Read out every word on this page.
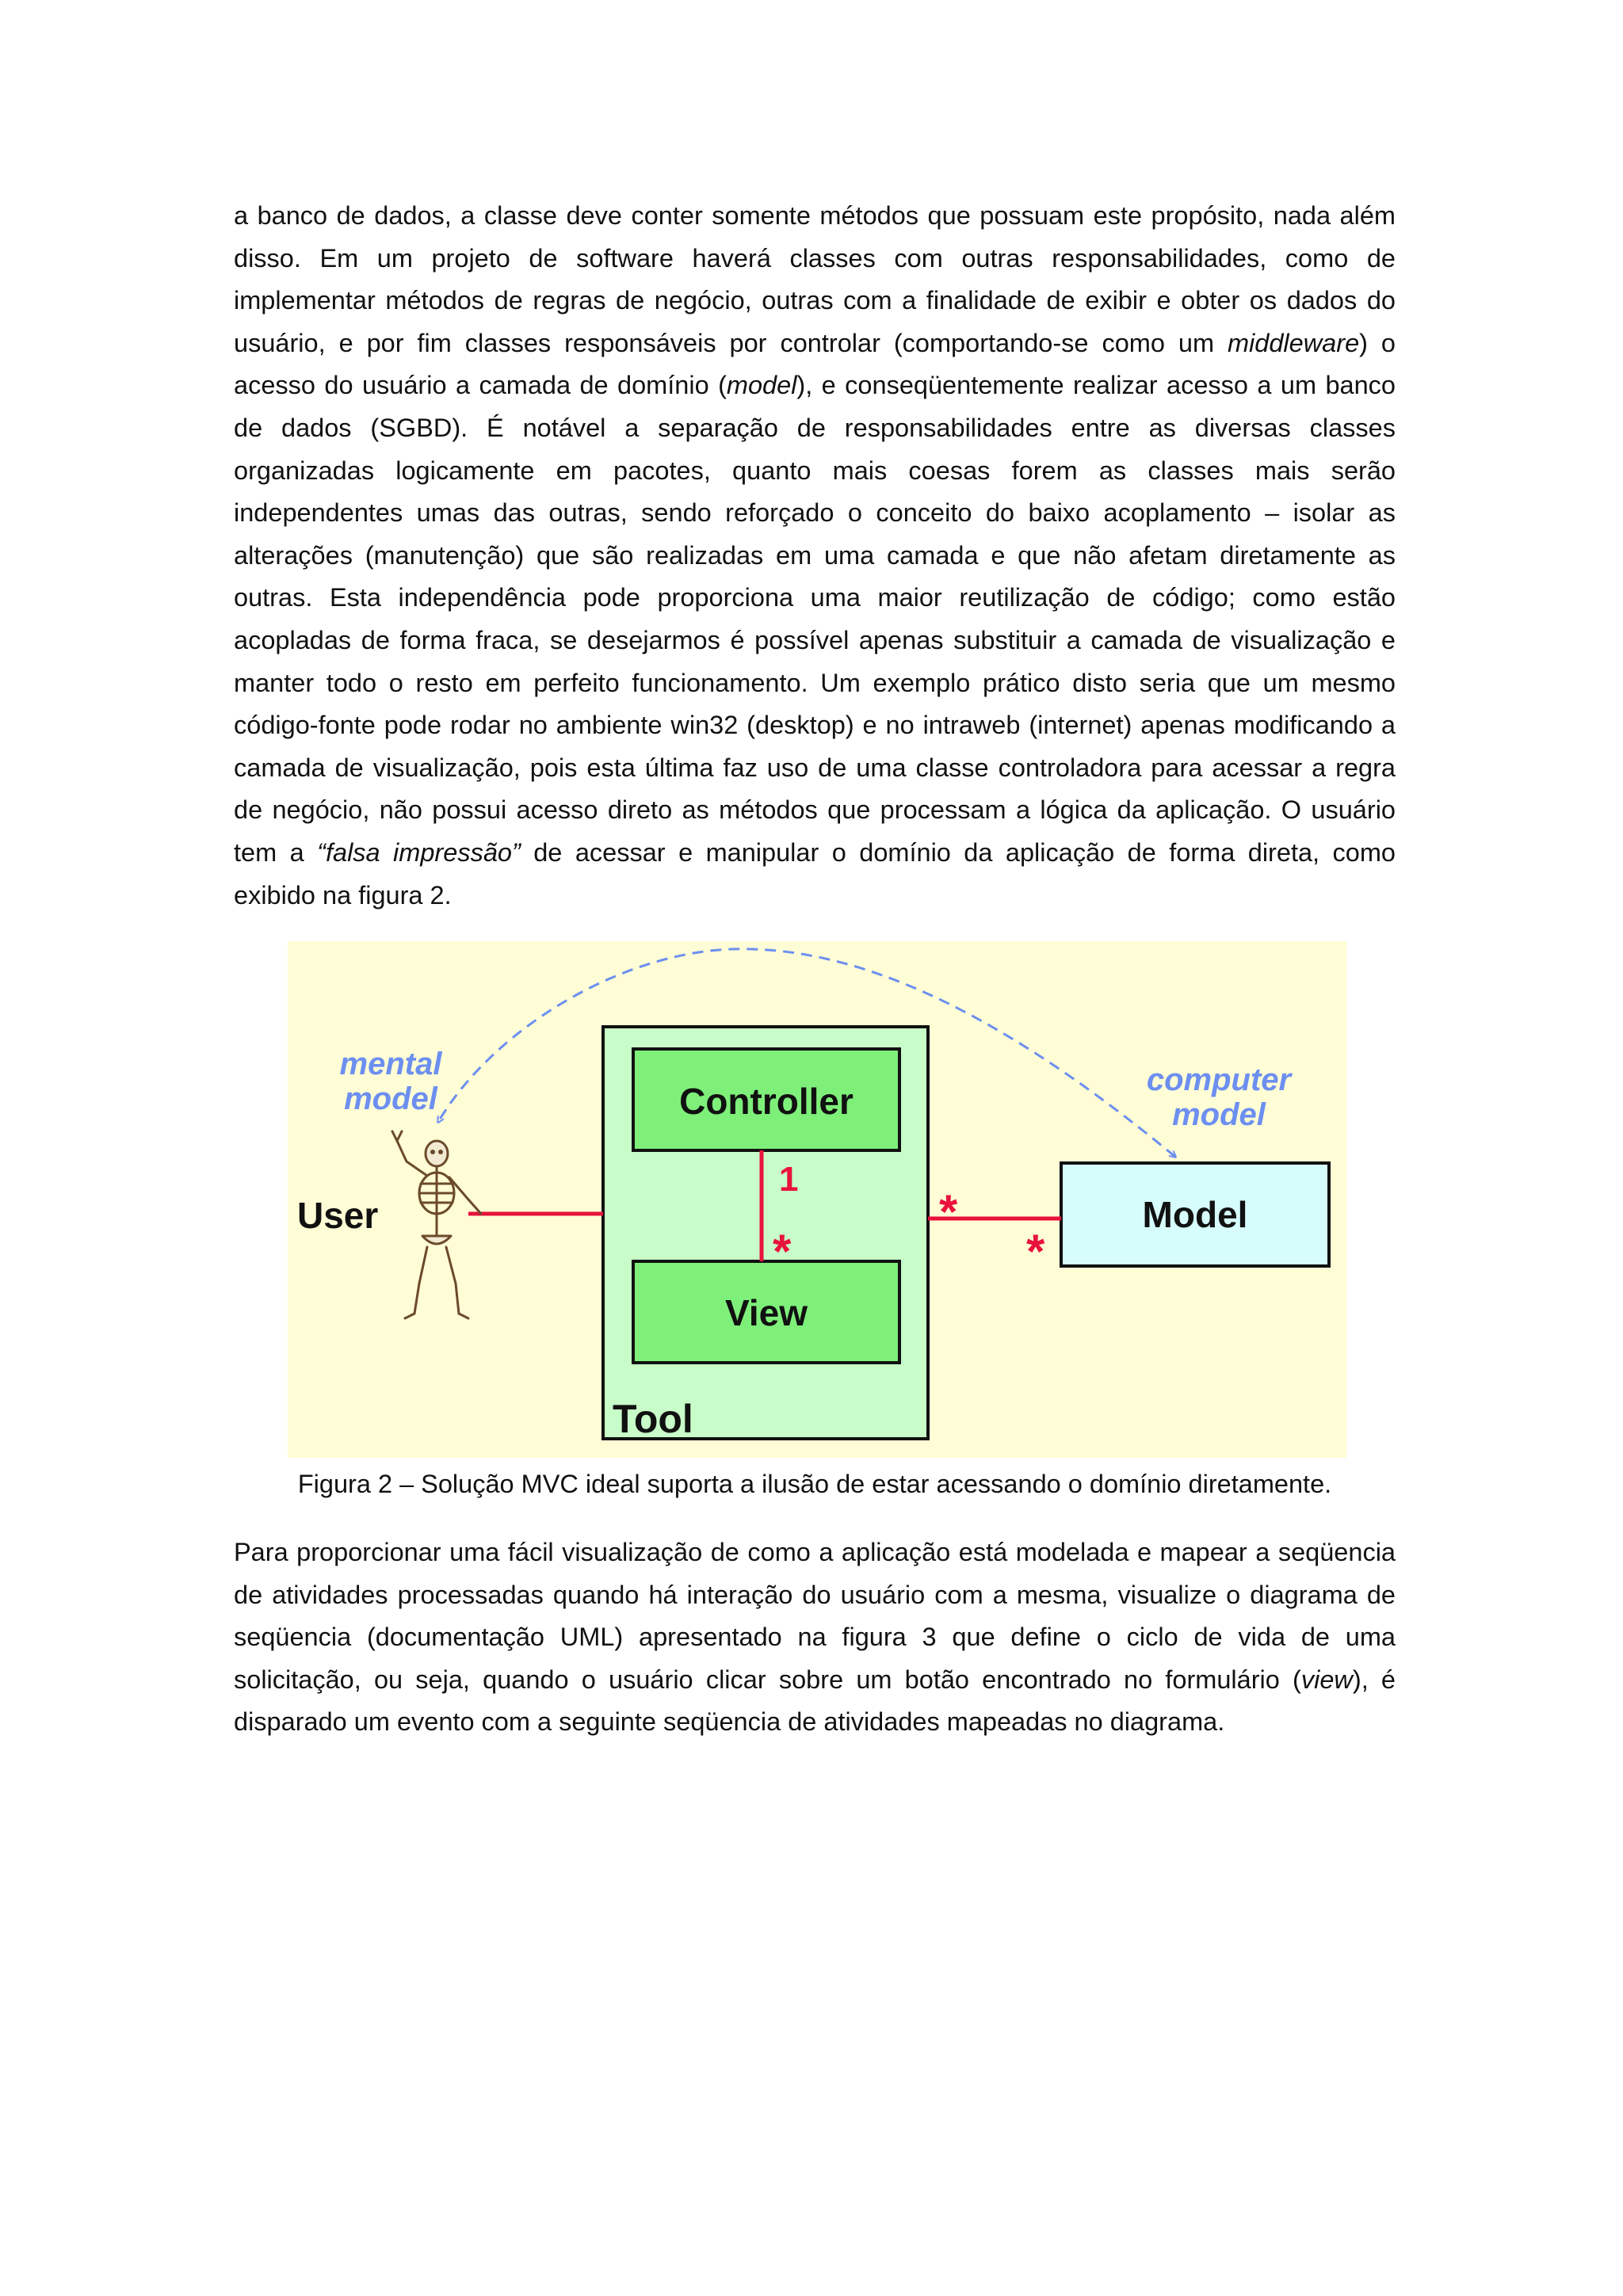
a banco de dados, a classe deve conter somente métodos que possuam este propósito, nada além disso. Em um projeto de software haverá classes com outras responsabilidades, como de implementar métodos de regras de negócio, outras com a finalidade de exibir e obter os dados do usuário, e por fim classes responsáveis por controlar (comportando-se como um middleware) o acesso do usuário a camada de domínio (model), e conseqüentemente realizar acesso a um banco de dados (SGBD). É notável a separação de responsabilidades entre as diversas classes organizadas logicamente em pacotes, quanto mais coesas forem as classes mais serão independentes umas das outras, sendo reforçado o conceito do baixo acoplamento – isolar as alterações (manutenção) que são realizadas em uma camada e que não afetam diretamente as outras. Esta independência pode proporciona uma maior reutilização de código; como estão acopladas de forma fraca, se desejarmos é possível apenas substituir a camada de visualização e manter todo o resto em perfeito funcionamento. Um exemplo prático disto seria que um mesmo código-fonte pode rodar no ambiente win32 (desktop) e no intraweb (internet) apenas modificando a camada de visualização, pois esta última faz uso de uma classe controladora para acessar a regra de negócio, não possui acesso direto as métodos que processam a lógica da aplicação. O usuário tem a “falsa impressão” de acessar e manipular o domínio da aplicação de forma direta, como exibido na figura 2.

mental
model
computer
model
Tool
Controller
View
1
*
Model
*
*
User
Figura 2 – Solução MVC ideal suporta a ilusão de estar acessando o domínio diretamente.

Para proporcionar uma fácil visualização de como a aplicação está modelada e mapear a seqüencia de atividades processadas quando há interação do usuário com a mesma, visualize o diagrama de seqüencia (documentação UML) apresentado na figura 3 que define o ciclo de vida de uma solicitação, ou seja, quando o usuário clicar sobre um botão encontrado no formulário (view), é disparado um evento com a seguinte seqüencia de atividades mapeadas no diagrama.
